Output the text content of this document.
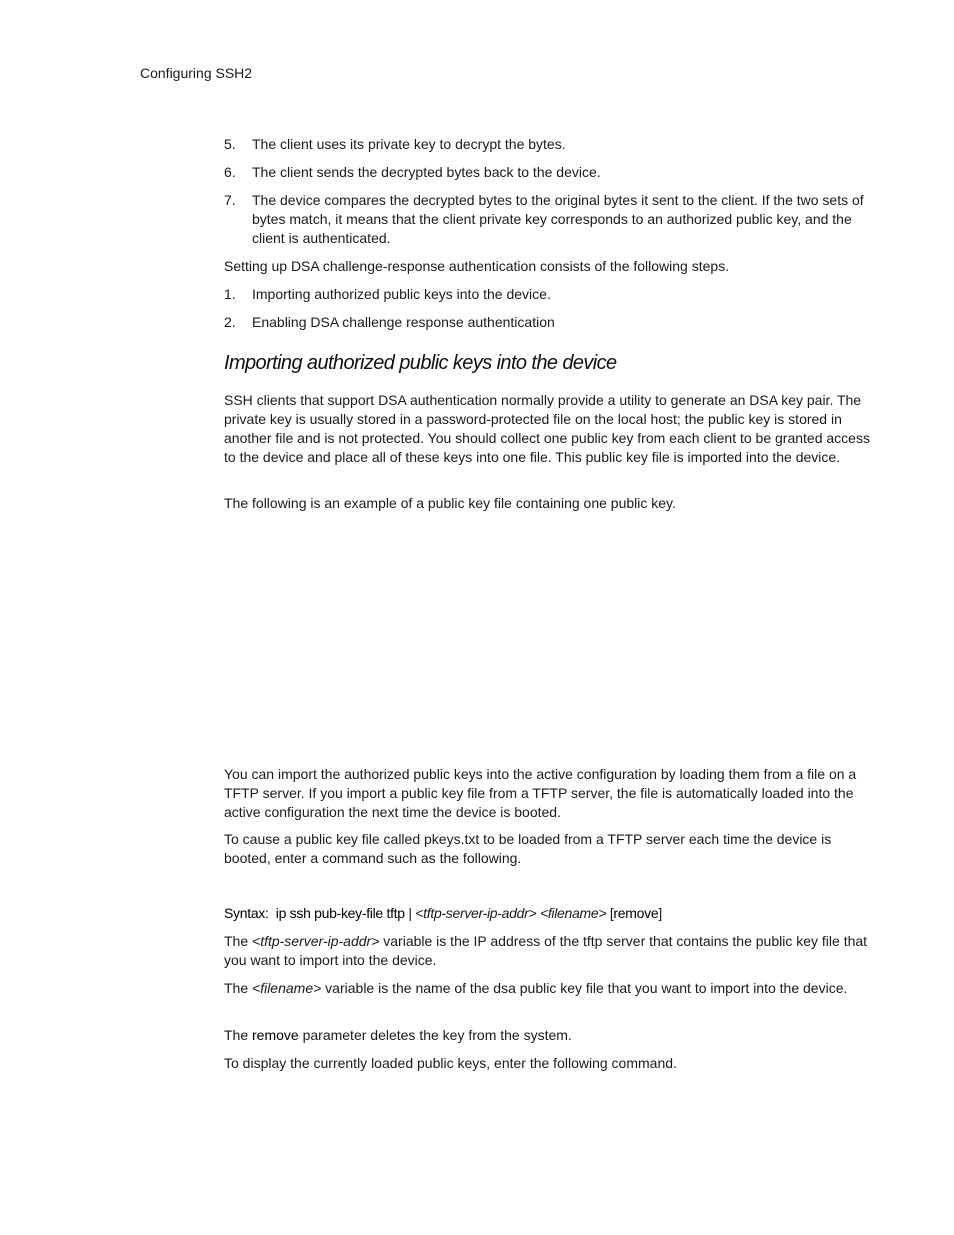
Configuring SSH2
5. The client uses its private key to decrypt the bytes.
6. The client sends the decrypted bytes back to the device.
7. The device compares the decrypted bytes to the original bytes it sent to the client. If the two sets of bytes match, it means that the client private key corresponds to an authorized public key, and the client is authenticated.

Setting up DSA challenge-response authentication consists of the following steps.

1. Importing authorized public keys into the device.
2. Enabling DSA challenge response authentication
Importing authorized public keys into the device

SSH clients that support DSA authentication normally provide a utility to generate an DSA key pair. The private key is usually stored in a password-protected file on the local host; the public key is stored in another file and is not protected. You should collect one public key from each client to be granted access to the device and place all of these keys into one file. This public key file is imported into the device.

The following is an example of a public key file containing one public key.

You can import the authorized public keys into the active configuration by loading them from a file on a TFTP server. If you import a public key file from a TFTP server, the file is automatically loaded into the active configuration the next time the device is booted.

To cause a public key file called pkeys.txt to be loaded from a TFTP server each time the device is booted, enter a command such as the following.

Syntax: ip ssh pub-key-file tftp | <tftp-server-ip-addr> <filename> [remove]

The <tftp-server-ip-addr> variable is the IP address of the tftp server that contains the public key file that you want to import into the device.

The <filename> variable is the name of the dsa public key file that you want to import into the device.

The remove parameter deletes the key from the system.

To display the currently loaded public keys, enter the following command.
